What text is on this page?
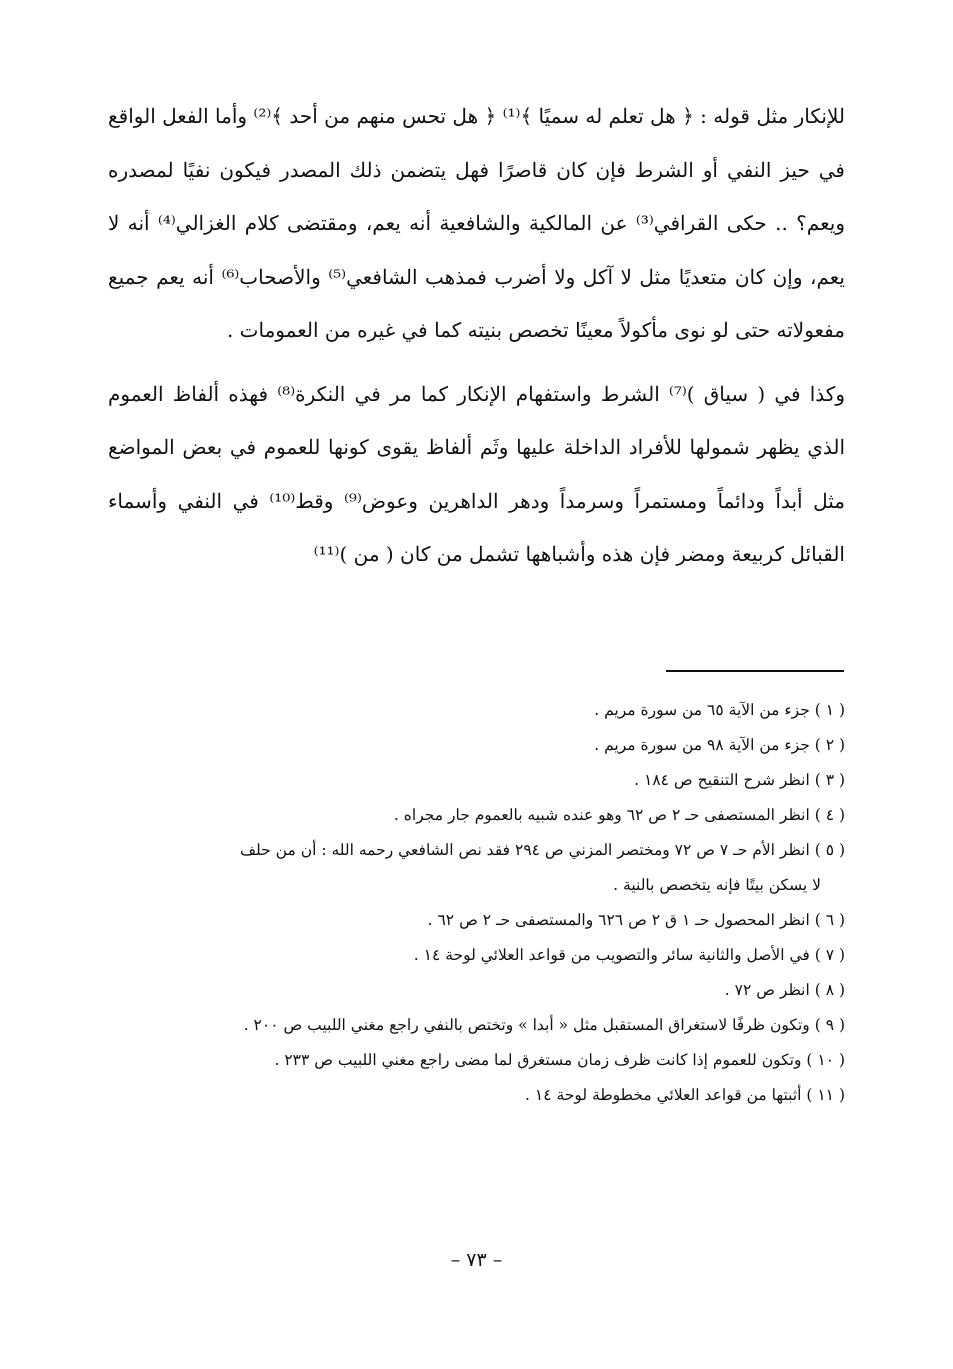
للإنكار مثل قوله : ﴿ هل تعلم له سميًا ﴾⁽¹⁾ ﴿ هل تحس منهم من أحد ﴾⁽²⁾ وأما الفعل الواقع في حيز النفي أو الشرط فإن كان قاصرًا فهل يتضمن ذلك المصدر فيكون نفيًا لمصدره ويعم؟ .. حكى القرافي⁽³⁾ عن المالكية والشافعية أنه يعم، ومقتضى كلام الغزالي⁽⁴⁾ أنه لا يعم، وإن كان متعديًا مثل لا آكل ولا أضرب فمذهب الشافعي⁽⁵⁾ والأصحاب⁽⁶⁾ أنه يعم جميع مفعولاته حتى لو نوى مأكولاً معينًا تخصص بنيته كما في غيره من العمومات .

وكذا في ( سياق )⁽⁷⁾ الشرط واستفهام الإنكار كما مر في النكرة⁽⁸⁾ فهذه ألفاظ العموم الذي يظهر شمولها للأفراد الداخلة عليها وثَم ألفاظ يقوى كونها للعموم في بعض المواضع مثل أبداً ودائماً ومستمراً وسرمداً ودهر الداهرين وعوض⁽⁹⁾ وقط⁽¹⁰⁾ في النفي وأسماء القبائل كربيعة ومضر فإن هذه وأشباهها تشمل من كان ( من )⁽¹¹⁾

( ١ ) جزء من الآية ٦٥ من سورة مريم .

( ٢ ) جزء من الآية ٩٨ من سورة مريم .

( ٣ ) انظر شرح التنقيح ص ١٨٤ .

( ٤ ) انظر المستصفى حـ ٢ ص ٦٢ وهو عنده شبيه بالعموم جار مجراه .

( ٥ ) انظر الأم حـ ٧ ص ٧٢ ومختصر المزني ص ٢٩٤ فقد نص الشافعي رحمه الله : أن من حلف

لا يسكن بيتًا فإنه يتخصص بالنية .

( ٦ ) انظر المحصول حـ ١ ق ٢ ص ٦٢٦ والمستصفى حـ ٢ ص ٦٢ .

( ٧ ) في الأصل والثانية سائر والتصويب من قواعد العلائي لوحة ١٤ .

( ٨ ) انظر ص ٧٢ .

( ٩ ) وتكون ظرفًا لاستغراق المستقبل مثل « أبدا » وتختص بالنفي راجع مغني اللبيب ص ٢٠٠ .

( ١٠ ) وتكون للعموم إذا كانت ظرف زمان مستغرق لما مضى راجع مغني اللبيب ص ٢٣٣ .

( ١١ ) أثبتها من قواعد العلائي مخطوطة لوحة ١٤ .

– ٧٣ –
